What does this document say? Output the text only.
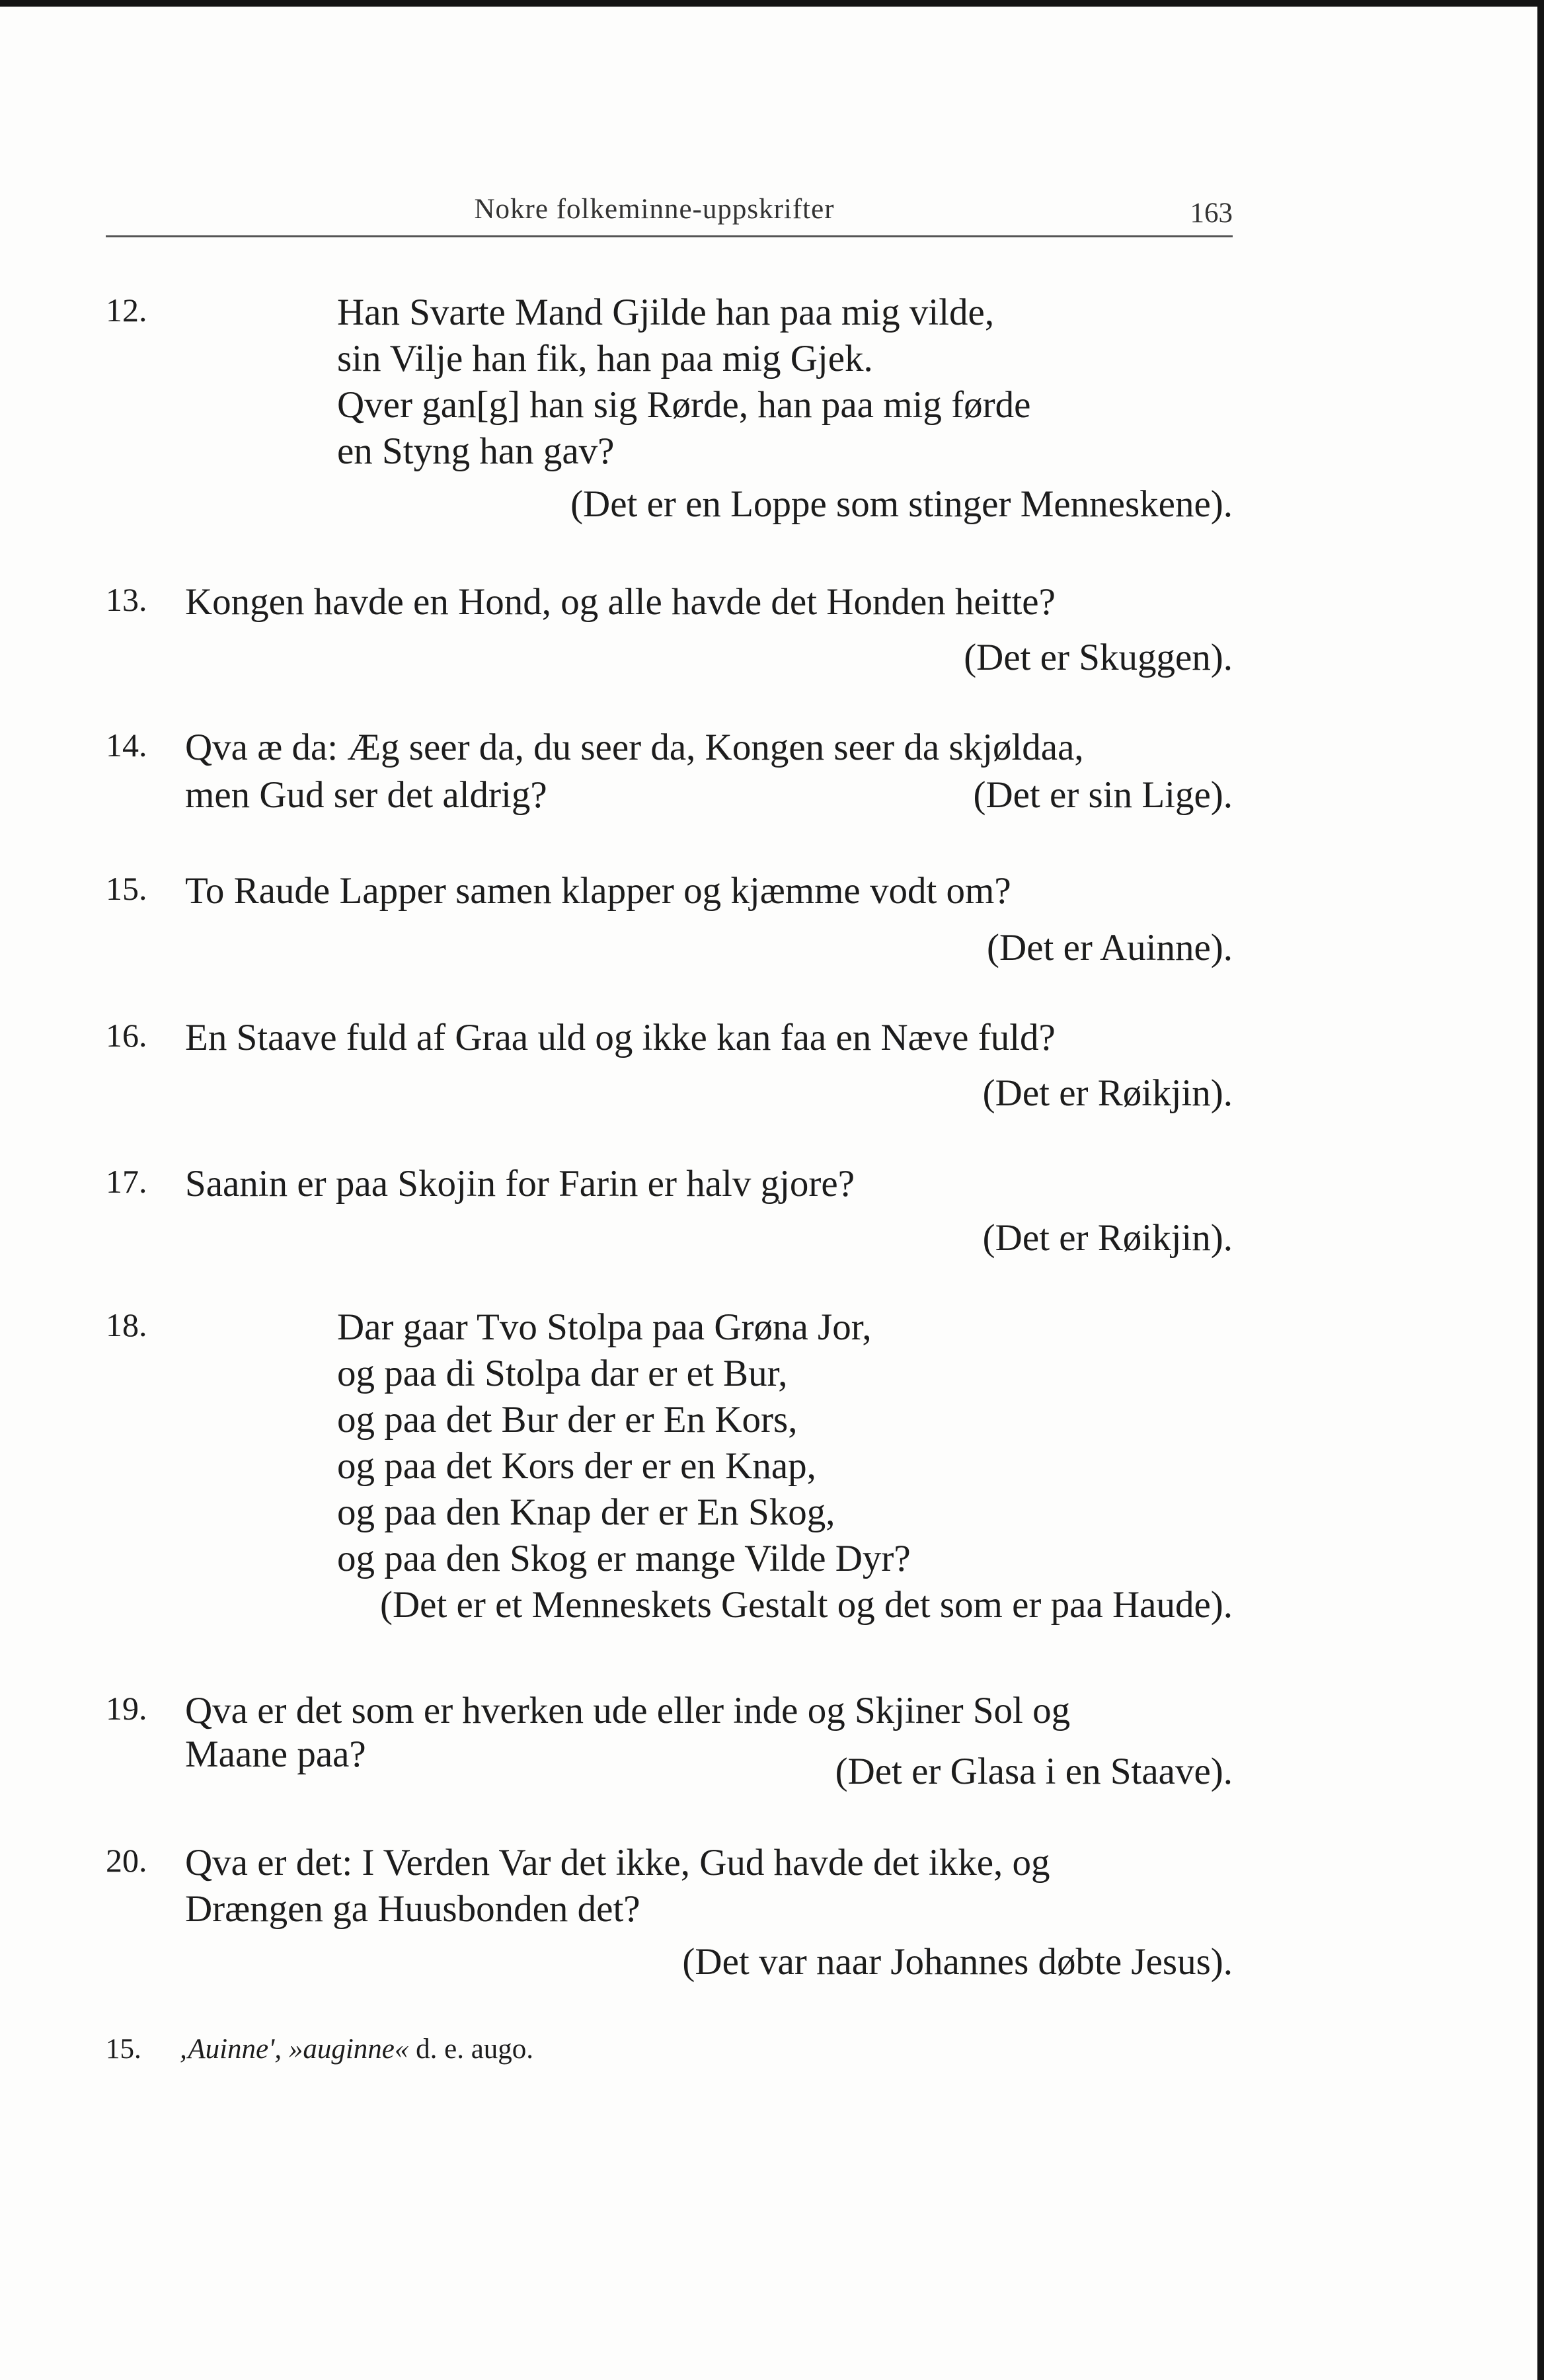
Nokre folkeminne-uppskrifter	163
12.	Han Svarte Mand Gjilde han paa mig vilde,
sin Vilje han fik, han paa mig Gjek.
Qver gan[g] han sig Rørde, han paa mig førde
en Styng han gav?
(Det er en Loppe som stinger Menneskene).
13. Kongen havde en Hond, og alle havde det Honden heitte?
(Det er Skuggen).
14. Qva æ da: Æg seer da, du seer da, Kongen seer da skjøldaa,
men Gud ser det aldrig?	(Det er sin Lige).
15. To Raude Lapper samen klapper og kjæmme vodt om?
(Det er Auinne).
16. En Staave fuld af Graa uld og ikke kan faa en Næve fuld?
(Det er Røikjin).
17. Saanin er paa Skojin for Farin er halv gjore?
(Det er Røikjin).
18.	Dar gaar Tvo Stolpa paa Grøna Jor,
og paa di Stolpa dar er et Bur,
og paa det Bur der er En Kors,
og paa det Kors der er en Knap,
og paa den Knap der er En Skog,
og paa den Skog er mange Vilde Dyr?
(Det er et Menneskets Gestalt og det som er paa Haude).
19. Qva er det som er hverken ude eller inde og Skjiner Sol og
Maane paa?	(Det er Glasa i en Staave).
20. Qva er det: I Verden Var det ikke, Gud havde det ikke, og
Drængen ga Huusbonden det?
(Det var naar Johannes døbte Jesus).
15. ‚Auinne', »auginne« d. e. augo.
